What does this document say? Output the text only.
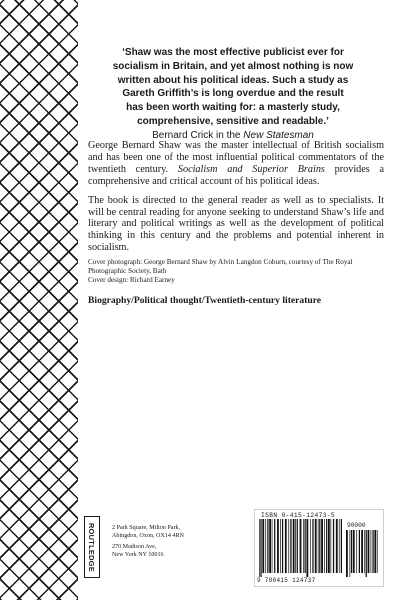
‘Shaw was the most effective publicist ever for
socialism in Britain, and yet almost nothing is now
written about his political ideas. Such a study as
Gareth Griffith’s is long overdue and the result
has been worth waiting for: a masterly study,
comprehensive, sensitive and readable.’
Bernard Crick in the New Statesman

George Bernard Shaw was the master intellectual of British socialism and has been one of the most influential political commentators of the twentieth century. Socialism and Superior Brains provides a comprehensive and critical account of his political ideas.

The book is directed to the general reader as well as to specialists. It will be central reading for anyone seeking to understand Shaw’s life and literary and political writings as well as the development of political thinking in this century and the problems and potential inherent in socialism.

Cover photograph: George Bernard Shaw by Alvin Langdon Coburn, courtesy of The Royal Photographic Society, Bath
Cover design: Richard Earney
Biography/Political thought/Twentieth-century literature
ROUTLEDGE	2 Park Square, Milton Park,
Abingdon, Oxon, OX14 4RN
270 Madison Ave,
New York NY 10016
ISBN 0-415-12473-5
90000
9 780415 124737
